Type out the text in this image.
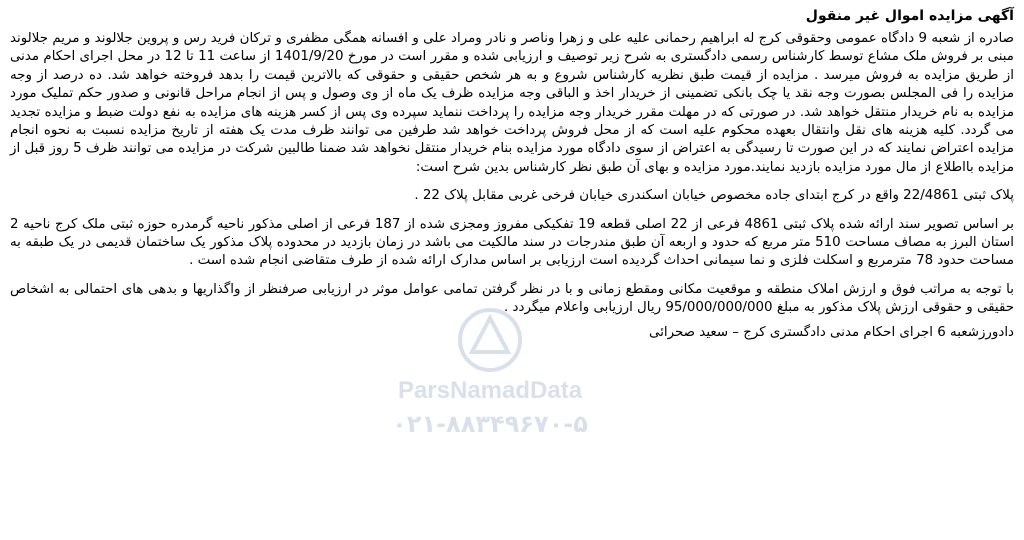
آگهی مزایده اموال غیر منقول

صادره از شعبه 9 دادگاه عمومی وحقوقی کرج له ابراهیم رحمانی علیه علی و زهرا وناصر و نادر ومراد علی و افسانه همگی مظفری و ترکان فرید رس و پروین جلالوند و مریم جلالوند مبنی بر فروش ملک مشاع توسط کارشناس رسمی دادگستری به شرح زیر توصیف و ارزیابی شده و مقرر است در مورخ 1401/9/20 از ساعت 11 تا 12 در محل اجرای احکام مدنی از طریق مزایده به فروش میرسد . مزایده از قیمت طبق نظریه کارشناس شروع و به هر شخص حقیقی و حقوقی که بالاترین قیمت را بدهد فروخته خواهد شد. ده درصد از وجه مزایده را فی المجلس بصورت وجه نقد یا چک بانکی تضمینی از خریدار اخذ و الباقی وجه مزایده ظرف یک ماه از وی وصول و پس از انجام مراحل قانونی و صدور حکم تملیک مورد مزایده به نام خریدار منتقل خواهد شد. در صورتی که در مهلت مقرر خریدار وجه مزایده را پرداخت ننماید سپرده وی پس از کسر هزینه های مزایده به نفع دولت ضبط و مزایده تجدید می گردد. کلیه هزینه های نقل وانتقال بعهده محکوم علیه است که از محل فروش پرداخت خواهد شد طرفین می توانند ظرف مدت یک هفته از تاریخ مزایده نسبت به نحوه انجام مزایده اعتراض نمایند که در این صورت تا رسیدگی به اعتراض از سوی دادگاه مورد مزایده بنام خریدار منتقل نخواهد شد ضمنا طالبین شرکت در مزایده می توانند ظرف 5 روز قبل از مزایده بااطلاع از مال مورد مزایده بازدید نمایند.مورد مزایده و بهای آن طبق نظر کارشناس بدین شرح است:

پلاک ثبتی 22/4861 واقع در کرج ابتدای جاده مخصوص خیابان اسکندری خیابان فرخی غربی مقابل پلاک 22 .

بر اساس تصویر سند ارائه شده پلاک ثبتی 4861 فرعی از 22 اصلی قطعه 19 تفکیکی مفروز ومجزی شده از 187 فرعی از اصلی مذکور ناحیه گرمدره حوزه ثبتی ملک کرج ناحیه 2 استان البرز به مصاف مساحت 510 متر مربع که حدود و اربعه آن طبق مندرجات در سند مالکیت می باشد در زمان بازدید در محدوده پلاک مذکور یک ساختمان قدیمی در یک طبقه به مساحت حدود 78 مترمربع و اسکلت فلزی و نما سیمانی احداث گردیده است ارزیابی بر اساس مدارک ارائه شده از طرف متقاضی انجام شده است .

با توجه به مراتب فوق و ارزش املاک منطقه و موقعیت مکانی ومقطع زمانی و با در نظر گرفتن تمامی عوامل موثر در ارزیابی صرفنظر از واگذاریها و بدهی های احتمالی به اشخاص حقیقی و حقوقی ارزش پلاک مذکور به مبلغ 95/000/000/000 ریال ارزیابی واعلام میگردد .

دادورزشعبه 6 اجرای احکام مدنی دادگستری کرج – سعید صحرائی
ParsNamadData
۰۲۱-۸۸۳۴۹۶۷۰-۵
